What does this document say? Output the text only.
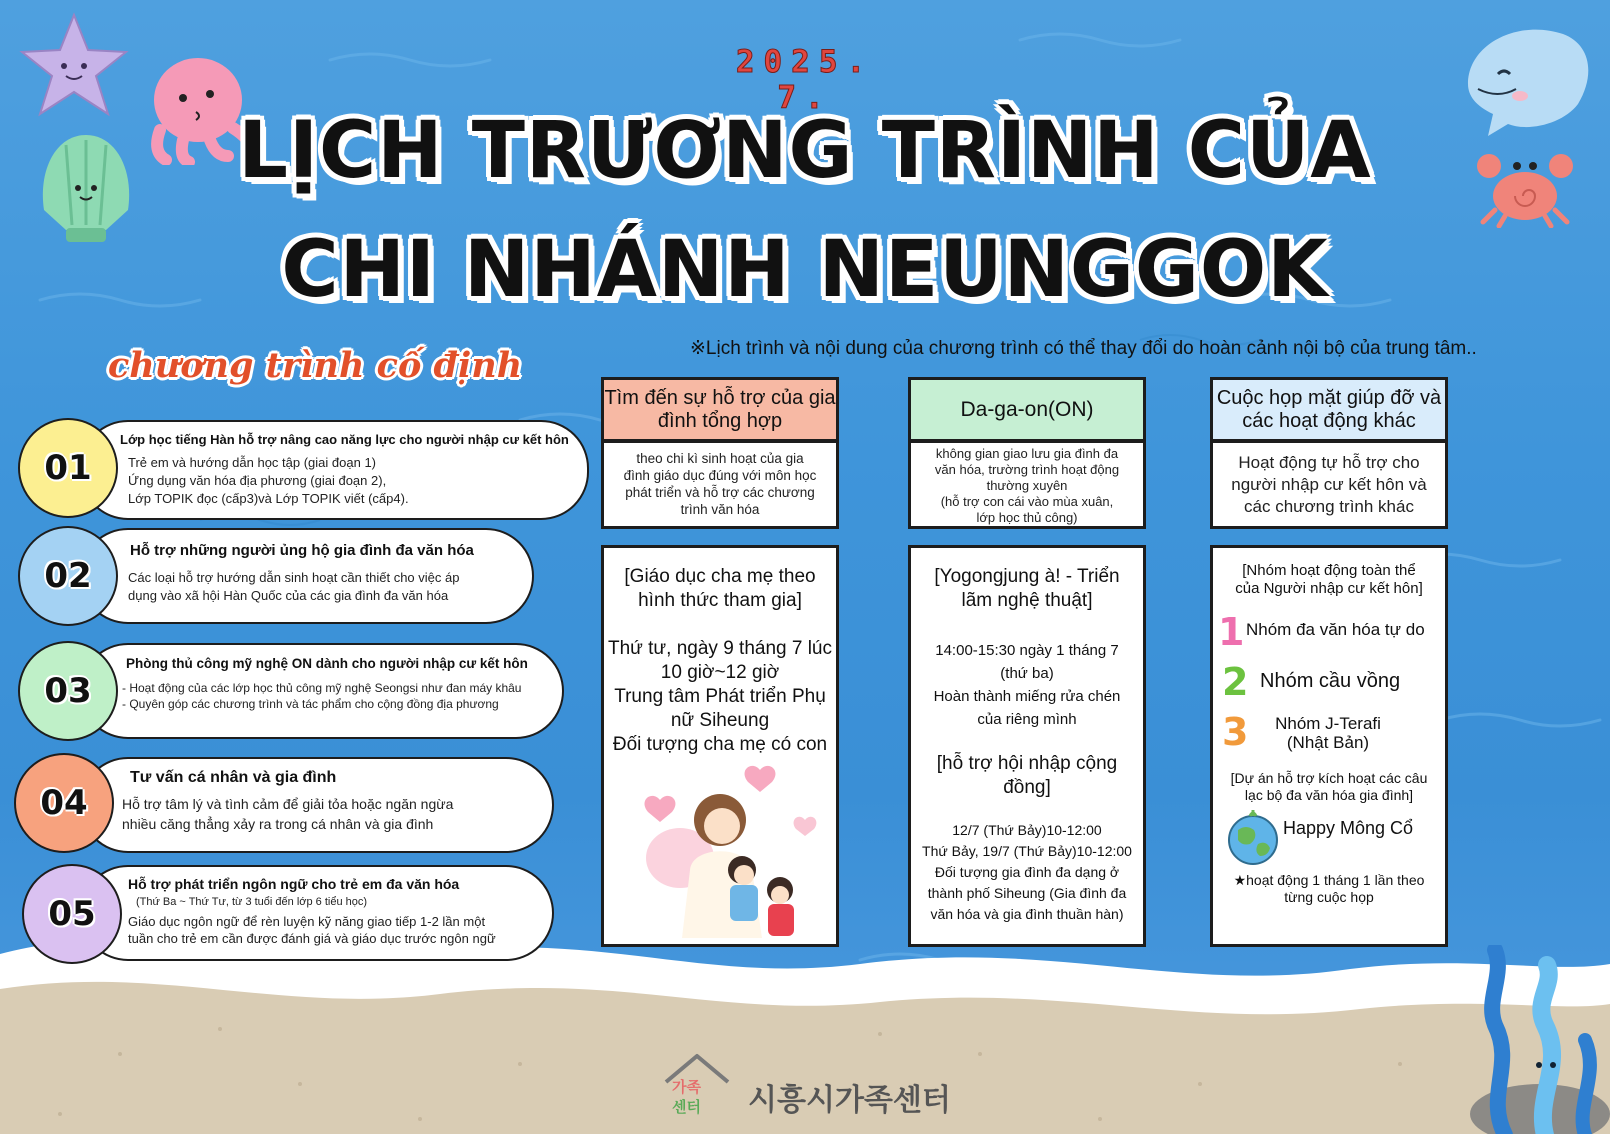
2025. 7.
LỊCH TRƯƠNG TRÌNH CỦA
CHI NHÁNH NEUNGGOK
※Lịch trình và nội dung của chương trình có thể thay đổi do hoàn cảnh nội bộ của trung tâm..
chương trình cố định
01
Lớp học tiếng Hàn hỗ trợ nâng cao năng lực cho người nhập cư kết hôn
Trẻ em và hướng dẫn học tập (giai đoạn 1)
Ứng dụng văn hóa địa phương (giai đoạn 2),
Lớp TOPIK đọc (cấp3)và Lớp TOPIK viết (cấp4).
02
Hỗ trợ những người ủng hộ gia đình đa văn hóa
Các loại hỗ trợ hướng dẫn sinh hoạt cần thiết cho việc áp
dụng vào xã hội Hàn Quốc của các gia đình đa văn hóa
03
Phòng thủ công mỹ nghệ ON dành cho người nhập cư kết hôn
- Hoạt động của các lớp học thủ công mỹ nghệ Seongsi như đan máy khâu
- Quyên góp các chương trình và tác phẩm cho cộng đồng địa phương
04
Tư vấn cá nhân và gia đình
Hỗ trợ tâm lý và tình cảm để giải tỏa hoặc ngăn ngừa
nhiều căng thẳng xảy ra trong cá nhân và gia đình
05
Hỗ trợ phát triển ngôn ngữ cho trẻ em đa văn hóa
(Thứ Ba ~ Thứ Tư, từ 3 tuổi đến lớp 6 tiểu học)
Giáo dục ngôn ngữ để rèn luyện kỹ năng giao tiếp 1-2 lần một
tuần cho trẻ em cần được đánh giá và giáo dục trước ngôn ngữ
Tìm đến sự hỗ trợ của gia đình tổng hợp
theo chi kì sinh hoạt của gia
đình giáo dục đúng với môn học
phát triển và hỗ trợ các chương
trình văn hóa
[Giáo dục cha mẹ theo
hình thức tham gia]
Thứ tư, ngày 9 tháng 7 lúc
10 giờ~12 giờ
Trung tâm Phát triển Phụ
nữ Siheung
Đối tượng cha mẹ có con
Da-ga-on(ON)
không gian giao lưu gia đình đa
văn hóa, trường trình hoạt động
thường xuyên
(hỗ trợ con cái vào mùa xuân,
lớp học thủ công)
[Yogongjung à! - Triển
lãm nghệ thuật]
14:00-15:30 ngày 1 tháng 7
(thứ ba)
Hoàn thành miếng rửa chén
của riêng mình
[hỗ trợ hội nhập cộng
đồng]
12/7 (Thứ Bảy)10-12:00
Thứ Bảy, 19/7 (Thứ Bảy)10-12:00
Đối tượng gia đình đa dạng ở
thành phố Siheung (Gia đình đa
văn hóa và gia đình thuần hàn)
Cuộc họp mặt giúp đỡ và các hoạt động khác
Hoạt động tự hỗ trợ cho
người nhập cư kết hôn và
các chương trình khác
[Nhóm hoạt động toàn thể
của Người nhập cư kết hôn]
1 Nhóm đa văn hóa tự do
2 Nhóm cầu vồng
3	Nhóm J-Terafi
(Nhật Bản)
[Dự án hỗ trợ kích hoạt các câu
lạc bộ đa văn hóa gia đình]
Happy Mông Cổ
★hoạt động 1 tháng 1 lần theo
từng cuộc họp
가족
센터 시흥시가족센터
